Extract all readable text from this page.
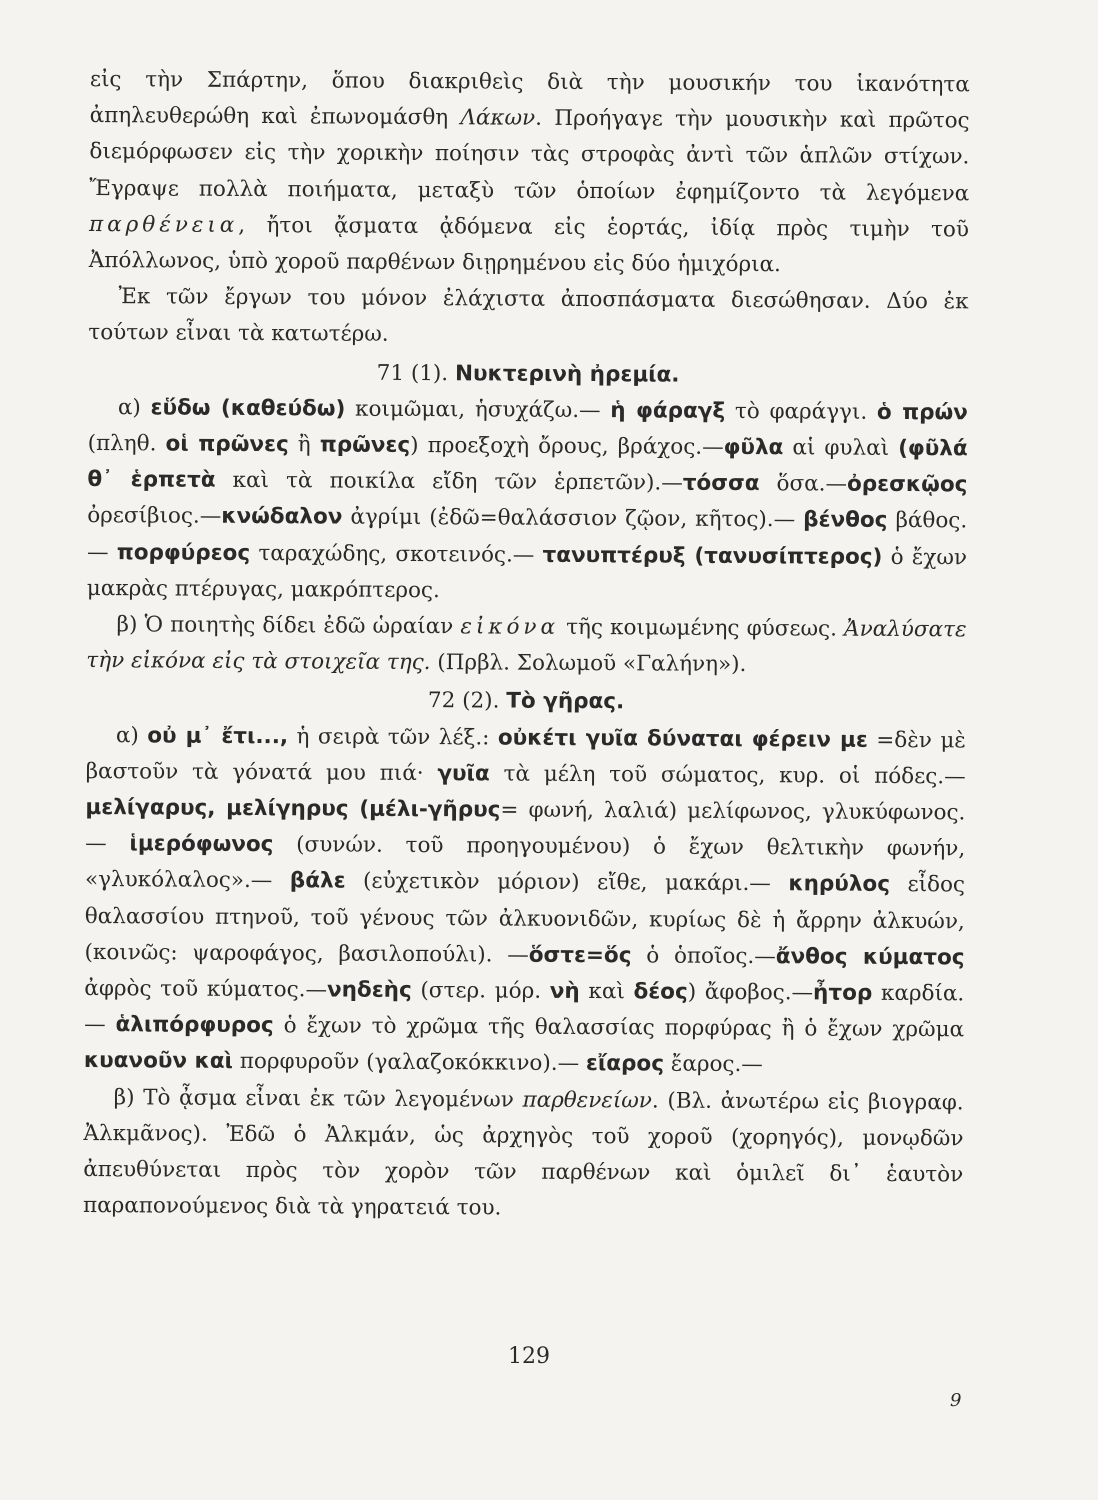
εἰς τὴν Σπάρτην, ὅπου διακριθεὶς διὰ τὴν μουσικήν του ἱκανότητα ἀπηλευθερώθη καὶ ἐπωνομάσθη Λάκων. Προήγαγε τὴν μουσικὴν καὶ πρῶτος διεμόρφωσεν εἰς τὴν χορικὴν ποίησιν τὰς στροφὰς ἀντὶ τῶν ἁπλῶν στίχων. Ἔγραψε πολλὰ ποιήματα, μεταξὺ τῶν ὁποίων ἐφημίζοντο τὰ λεγόμενα παρθένεια, ἤτοι ᾄσματα ᾀδόμενα εἰς ἑορτάς, ἰδίᾳ πρὸς τιμὴν τοῦ Ἀπόλλωνος, ὑπὸ χοροῦ παρθένων διῃρημένου εἰς δύο ἡμιχόρια.

Ἐκ τῶν ἔργων του μόνον ἐλάχιστα ἀποσπάσματα διεσώθησαν. Δύο ἐκ τούτων εἶναι τὰ κατωτέρω.

71 (1). Νυκτερινὴ ἠρεμία.

α) εὕδω (καθεύδω) κοιμῶμαι, ἡσυχάζω.— ἡ φάραγξ τὸ φαράγγι. ὁ πρών (πληθ. οἱ πρῶνες ἢ πρῶνες) προεξοχὴ ὄρους, βράχος.—φῦλα αἱ φυλαὶ (φῦλά θ᾽ ἑρπετὰ καὶ τὰ ποικίλα εἴδη τῶν ἑρπετῶν).—τόσσα ὅσα.—ὀρεσκῷος ὀρεσίβιος.—κνώδαλον ἀγρίμι (ἐδῶ=θαλάσσιον ζῷον, κῆτος).— βένθος βάθος.— πορφύρεος ταραχώδης, σκοτεινός.— τανυπτέρυξ (τανυσίπτερος) ὁ ἔχων μακρὰς πτέρυγας, μακρόπτερος.

β) Ὁ ποιητὴς δίδει ἐδῶ ὡραίαν εἰκόνα τῆς κοιμωμένης φύσεως. Ἀναλύσατε τὴν εἰκόνα εἰς τὰ στοιχεῖα της. (Πρβλ. Σολωμοῦ «Γαλήνη»).

72 (2). Τὸ γῆρας.

α) οὐ μ᾽ ἔτι..., ἡ σειρὰ τῶν λέξ.: οὐκέτι γυῖα δύναται φέρειν με =δὲν μὲ βαστοῦν τὰ γόνατά μου πιά· γυῖα τὰ μέλη τοῦ σώματος, κυρ. οἱ πόδες.— μελίγαρυς, μελίγηρυς (μέλι-γῆρυς= φωνή, λαλιά) μελίφωνος, γλυκύφωνος.— ἱμερόφωνος (συνών. τοῦ προηγουμένου) ὁ ἔχων θελτικὴν φωνήν, «γλυκόλαλος».— βάλε (εὐχετικὸν μόριον) εἴθε, μακάρι.— κηρύλος εἶδος θαλασσίου πτηνοῦ, τοῦ γένους τῶν ἀλκυονιδῶν, κυρίως δὲ ἡ ἄρρην ἀλκυών, (κοινῶς: ψαροφάγος, βασιλοπούλι). —ὅστε=ὅς ὁ ὁποῖος.—ἄνθος κύματος ἀφρὸς τοῦ κύματος.—νηδεὴς (στερ. μόρ. νὴ καὶ δέος) ἄφοβος.—ἦτορ καρδία.— ἁλιπόρφυρος ὁ ἔχων τὸ χρῶμα τῆς θαλασσίας πορφύρας ἢ ὁ ἔχων χρῶμα κυανοῦν καὶ πορφυροῦν (γαλαζοκόκκινο).— εἴαρος ἔαρος.—

β) Τὸ ᾆσμα εἶναι ἐκ τῶν λεγομένων παρθενείων. (Βλ. ἀνωτέρω εἰς βιογραφ. Ἀλκμᾶνος). Ἐδῶ ὁ Ἀλκμάν, ὡς ἀρχηγὸς τοῦ χοροῦ (χορηγός), μονῳδῶν ἀπευθύνεται πρὸς τὸν χορὸν τῶν παρθένων καὶ ὁμιλεῖ δι᾽ ἑαυτὸν παραπονούμενος διὰ τὰ γηρατειά του.

129
9
